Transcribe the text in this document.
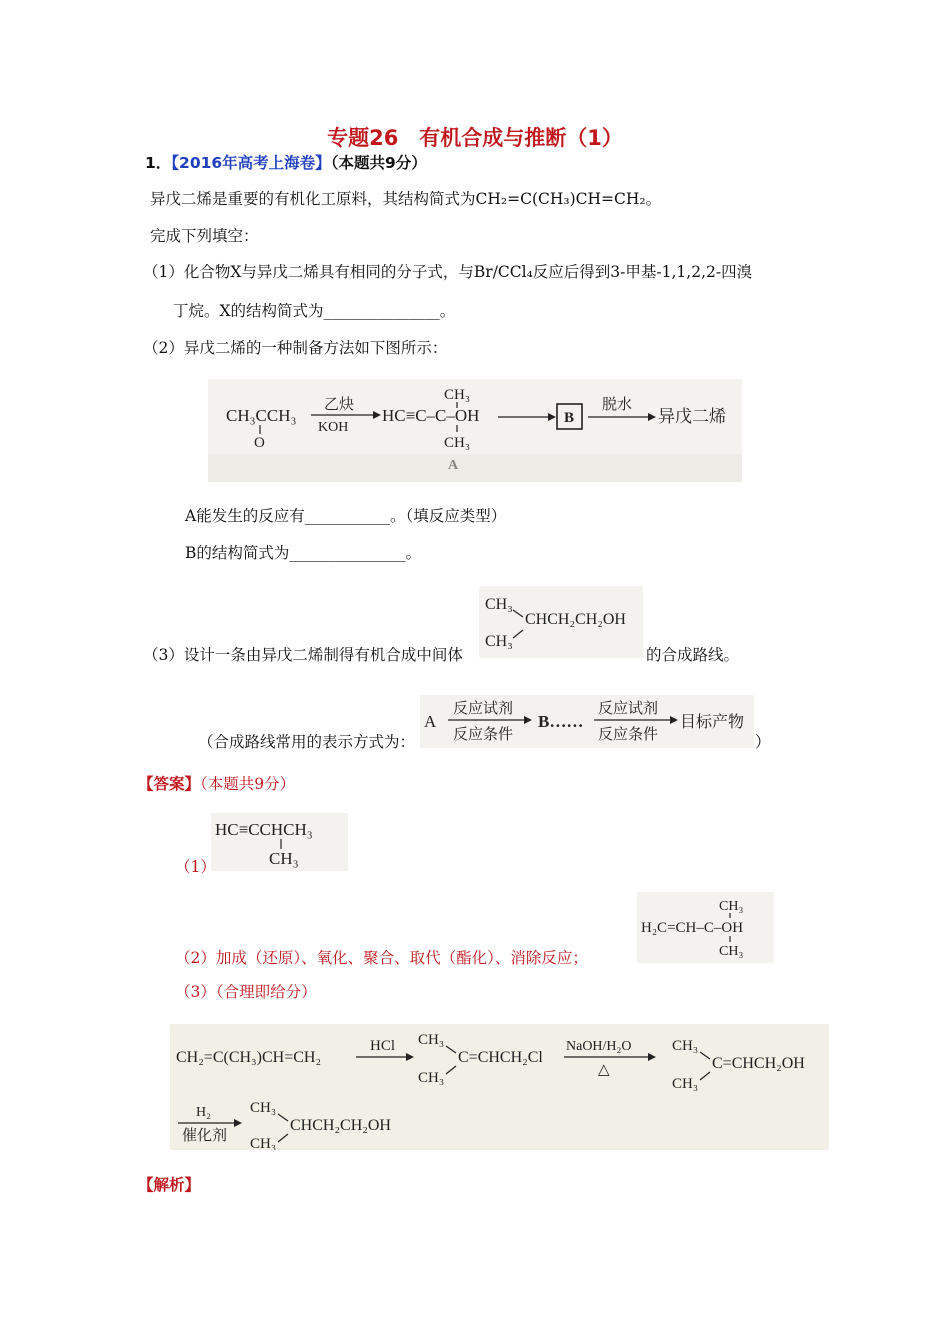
专题26　有机合成与推断（1）
1．【2016年高考上海卷】（本题共9分）
异戊二烯是重要的有机化工原料，其结构简式为CH₂=C(CH₃)CH=CH₂。
完成下列填空：
（1）化合物X与异戊二烯具有相同的分子式，与Br/CCl₄反应后得到3-甲基-1,1,2,2-四溴
丁烷。X的结构简式为_______________。
（2）异戊二烯的一种制备方法如下图所示：
CH₃CCH₃
O
乙炔
KOH
HC≡C–C–OH
CH₃
CH₃
B
脱水
异戊二烯
A能发生的反应有___________。（填反应类型）
B的结构简式为_______________。
CH₃
CHCH₂CH₂OH
CH₃
（3）设计一条由异戊二烯制得有机合成中间体	的合成路线。
（合成路线常用的表示方式为：
A
反应试剂
反应条件
B……
反应试剂
反应条件
目标产物
）
【答案】（本题共9分）
HC≡CCHCH₃
CH₃
（1）
CH₃
H₂C=CH–C–OH
CH₃
（2）加成（还原）、氧化、聚合、取代（酯化）、消除反应；
（3）（合理即给分）
CH₂=C(CH₃)CH=CH₂
HCl CH₃
C=CHCH₂Cl
CH₃
NaOH/H₂O
△
CH₃
C=CHCH₂OH
CH₃
H₂
催化剂
CH₃
CHCH₂CH₂OH
CH₃
【解析】
